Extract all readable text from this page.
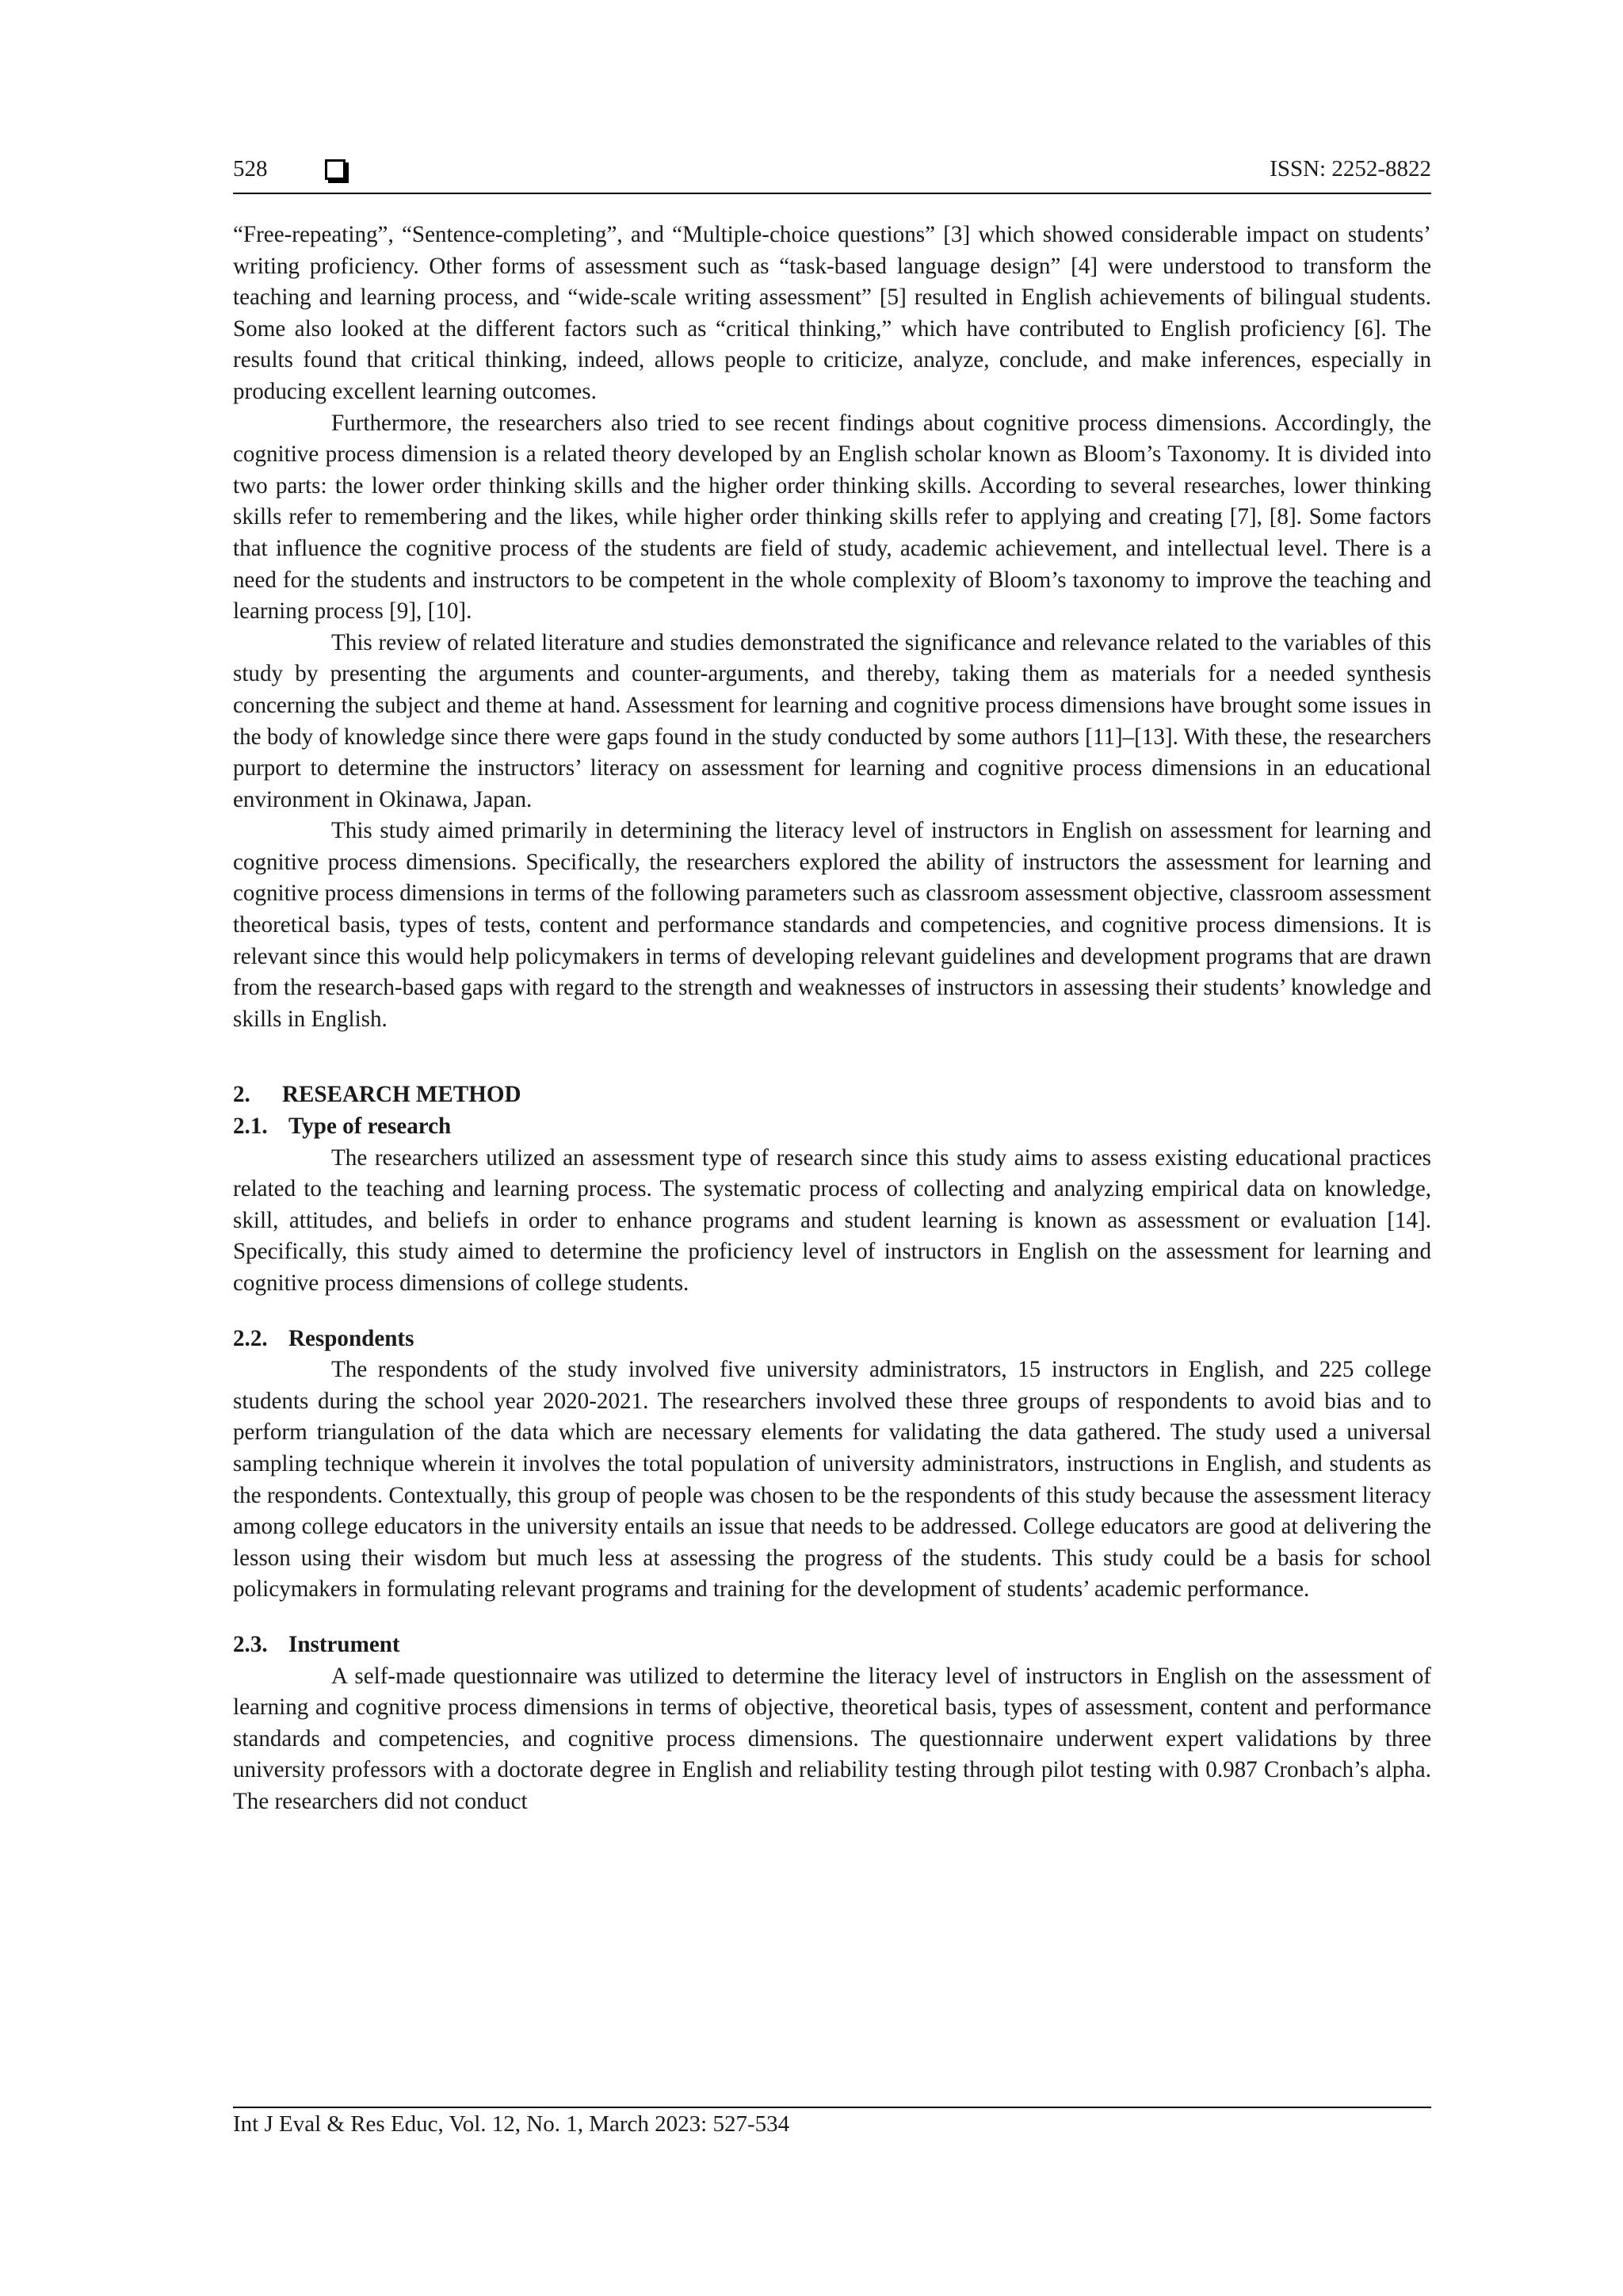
528	ISSN: 2252-8822

“Free-repeating”, “Sentence-completing”, and “Multiple-choice questions” [3] which showed considerable impact on students’ writing proficiency. Other forms of assessment such as “task-based language design” [4] were understood to transform the teaching and learning process, and “wide-scale writing assessment” [5] resulted in English achievements of bilingual students. Some also looked at the different factors such as “critical thinking,” which have contributed to English proficiency [6]. The results found that critical thinking, indeed, allows people to criticize, analyze, conclude, and make inferences, especially in producing excellent learning outcomes.

Furthermore, the researchers also tried to see recent findings about cognitive process dimensions. Accordingly, the cognitive process dimension is a related theory developed by an English scholar known as Bloom’s Taxonomy. It is divided into two parts: the lower order thinking skills and the higher order thinking skills. According to several researches, lower thinking skills refer to remembering and the likes, while higher order thinking skills refer to applying and creating [7], [8]. Some factors that influence the cognitive process of the students are field of study, academic achievement, and intellectual level. There is a need for the students and instructors to be competent in the whole complexity of Bloom’s taxonomy to improve the teaching and learning process [9], [10].

This review of related literature and studies demonstrated the significance and relevance related to the variables of this study by presenting the arguments and counter-arguments, and thereby, taking them as materials for a needed synthesis concerning the subject and theme at hand. Assessment for learning and cognitive process dimensions have brought some issues in the body of knowledge since there were gaps found in the study conducted by some authors [11]–[13]. With these, the researchers purport to determine the instructors’ literacy on assessment for learning and cognitive process dimensions in an educational environment in Okinawa, Japan.

This study aimed primarily in determining the literacy level of instructors in English on assessment for learning and cognitive process dimensions. Specifically, the researchers explored the ability of instructors the assessment for learning and cognitive process dimensions in terms of the following parameters such as classroom assessment objective, classroom assessment theoretical basis, types of tests, content and performance standards and competencies, and cognitive process dimensions. It is relevant since this would help policymakers in terms of developing relevant guidelines and development programs that are drawn from the research-based gaps with regard to the strength and weaknesses of instructors in assessing their students’ knowledge and skills in English.

2. RESEARCH METHOD
2.1. Type of research

The researchers utilized an assessment type of research since this study aims to assess existing educational practices related to the teaching and learning process. The systematic process of collecting and analyzing empirical data on knowledge, skill, attitudes, and beliefs in order to enhance programs and student learning is known as assessment or evaluation [14]. Specifically, this study aimed to determine the proficiency level of instructors in English on the assessment for learning and cognitive process dimensions of college students.

2.2. Respondents

The respondents of the study involved five university administrators, 15 instructors in English, and 225 college students during the school year 2020-2021. The researchers involved these three groups of respondents to avoid bias and to perform triangulation of the data which are necessary elements for validating the data gathered. The study used a universal sampling technique wherein it involves the total population of university administrators, instructions in English, and students as the respondents. Contextually, this group of people was chosen to be the respondents of this study because the assessment literacy among college educators in the university entails an issue that needs to be addressed. College educators are good at delivering the lesson using their wisdom but much less at assessing the progress of the students. This study could be a basis for school policymakers in formulating relevant programs and training for the development of students’ academic performance.

2.3. Instrument

A self-made questionnaire was utilized to determine the literacy level of instructors in English on the assessment of learning and cognitive process dimensions in terms of objective, theoretical basis, types of assessment, content and performance standards and competencies, and cognitive process dimensions. The questionnaire underwent expert validations by three university professors with a doctorate degree in English and reliability testing through pilot testing with 0.987 Cronbach’s alpha. The researchers did not conduct

Int J Eval & Res Educ, Vol. 12, No. 1, March 2023: 527-534
